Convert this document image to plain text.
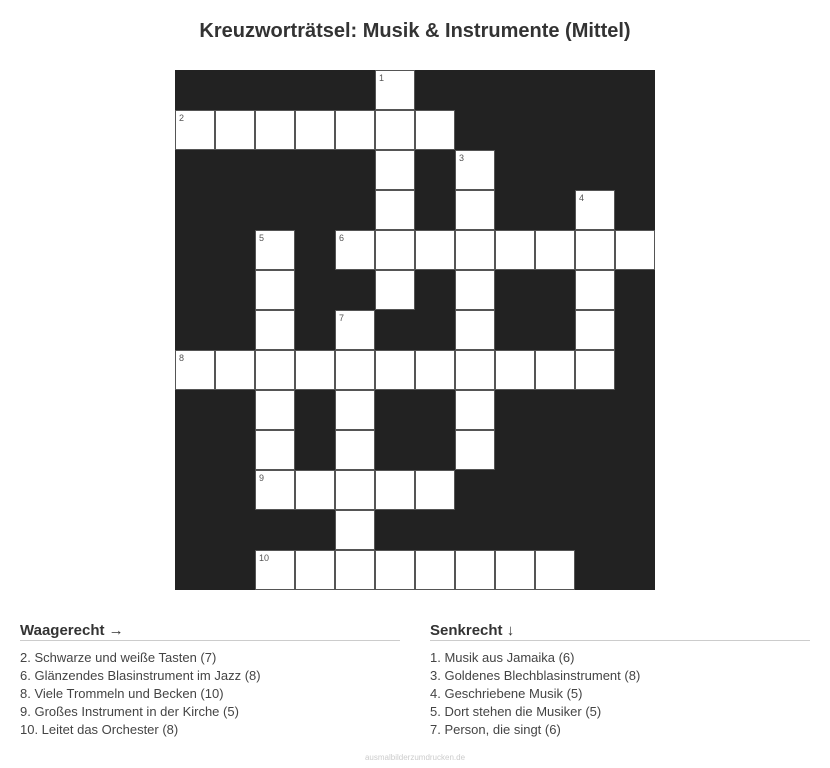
Kreuzworträtsel: Musik & Instrumente (Mittel)
1
2
3
4
5	6
7
8
9
10
Waagerecht →
2. Schwarze und weiße Tasten (7)
6. Glänzendes Blasinstrument im Jazz (8)
8. Viele Trommeln und Becken (10)
9. Großes Instrument in der Kirche (5)
10. Leitet das Orchester (8)
Senkrecht ↓
1. Musik aus Jamaika (6)
3. Goldenes Blechblasinstrument (8)
4. Geschriebene Musik (5)
5. Dort stehen die Musiker (5)
7. Person, die singt (6)
ausmalbilderzumdrucken.de
